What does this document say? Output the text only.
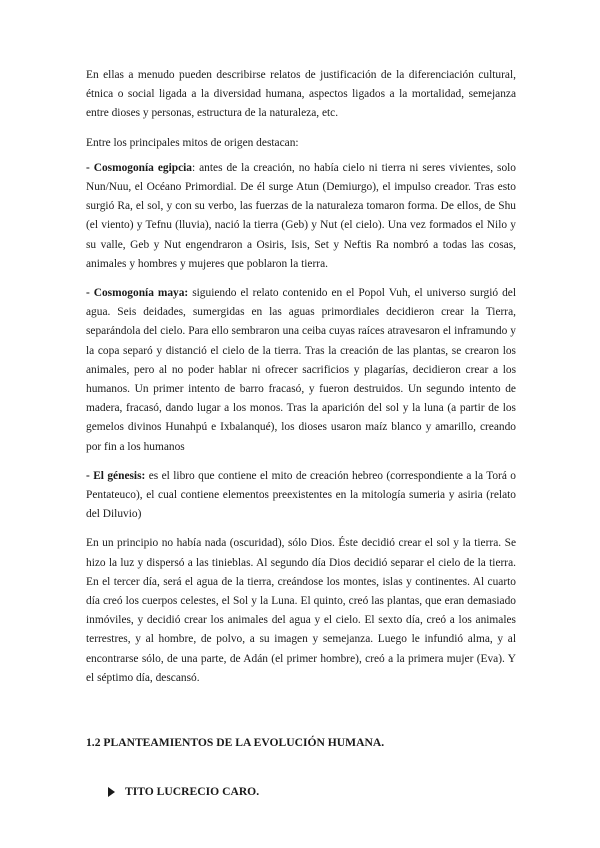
En ellas a menudo pueden describirse relatos de justificación de la diferenciación cultural, étnica o social ligada a la diversidad humana, aspectos ligados a la mortalidad, semejanza entre dioses y personas, estructura de la naturaleza, etc.

Entre los principales mitos de origen destacan:

- Cosmogonía egipcia: antes de la creación, no había cielo ni tierra ni seres vivientes, solo Nun/Nuu, el Océano Primordial. De él surge Atun (Demiurgo), el impulso creador. Tras esto surgió Ra, el sol, y con su verbo, las fuerzas de la naturaleza tomaron forma. De ellos, de Shu (el viento) y Tefnu (lluvia), nació la tierra (Geb) y Nut (el cielo). Una vez formados el Nilo y su valle, Geb y Nut engendraron a Osiris, Isis, Set y Neftis Ra nombró a todas las cosas, animales y hombres y mujeres que poblaron la tierra.

- Cosmogonía maya: siguiendo el relato contenido en el Popol Vuh, el universo surgió del agua. Seis deidades, sumergidas en las aguas primordiales decidieron crear la Tierra, separándola del cielo. Para ello sembraron una ceiba cuyas raíces atravesaron el inframundo y la copa separó y distanció el cielo de la tierra. Tras la creación de las plantas, se crearon los animales, pero al no poder hablar ni ofrecer sacrificios y plagarías, decidieron crear a los humanos. Un primer intento de barro fracasó, y fueron destruidos. Un segundo intento de madera, fracasó, dando lugar a los monos. Tras la aparición del sol y la luna (a partir de los gemelos divinos Hunahpú e Ixbalanqué), los dioses usaron maíz blanco y amarillo, creando por fin a los humanos

- El génesis: es el libro que contiene el mito de creación hebreo (correspondiente a la Torá o Pentateuco), el cual contiene elementos preexistentes en la mitología sumeria y asiria (relato del Diluvio)

En un principio no había nada (oscuridad), sólo Dios. Éste decidió crear el sol y la tierra. Se hizo la luz y dispersó a las tinieblas. Al segundo día Dios decidió separar el cielo de la tierra. En el tercer día, será el agua de la tierra, creándose los montes, islas y continentes. Al cuarto día creó los cuerpos celestes, el Sol y la Luna. El quinto, creó las plantas, que eran demasiado inmóviles, y decidió crear los animales del agua y el cielo. El sexto día, creó a los animales terrestres, y al hombre, de polvo, a su imagen y semejanza. Luego le infundió alma, y al encontrarse sólo, de una parte, de Adán (el primer hombre), creó a la primera mujer (Eva). Y el séptimo día, descansó.

1.2 PLANTEAMIENTOS DE LA EVOLUCIÓN HUMANA.
TITO LUCRECIO CARO.
